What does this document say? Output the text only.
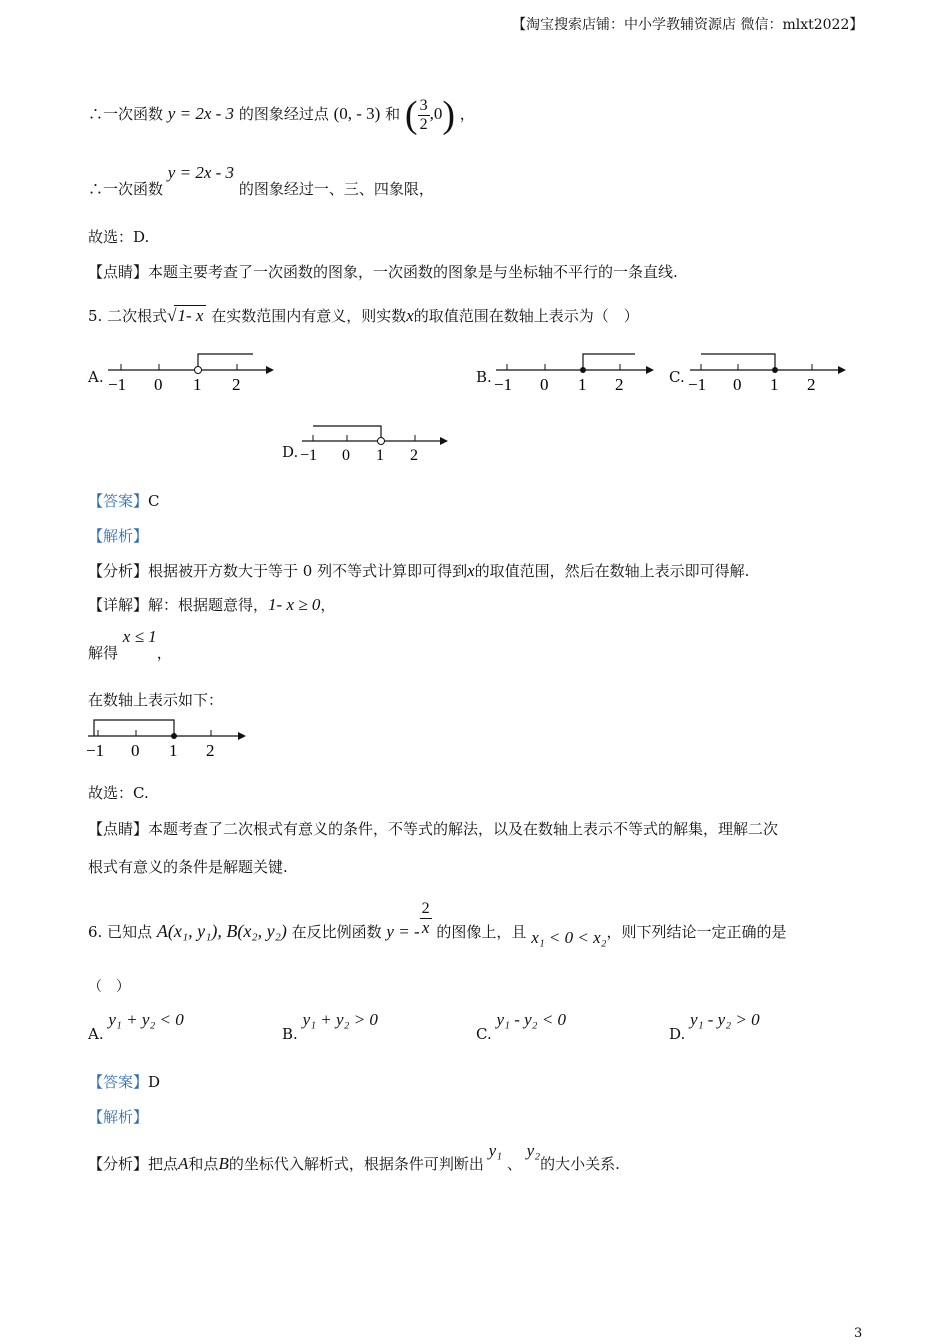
【淘宝搜索店铺：中小学教辅资源店 微信：mlxt2022】
∴一次函数 y = 2x - 3 的图象经过点 (0, - 3) 和 ( $\frac{3}{2} ,0$) ，
∴一次函数 y = 2x - 3 的图象经过一、三、四象限，
故选：D.
【点睛】本题主要考查了一次函数的图象，一次函数的图象是与坐标轴不平行的一条直线.
5. 二次根式√1- x 在实数范围内有意义，则实数x的取值范围在数轴上表示为（　）
A. −1 0 1 2	B. −1 0 1 2	C. −1 0 1 2
D. −1 0 1 2
【答案】C
【解析】
【分析】根据被开方数大于等于 0 列不等式计算即可得到x的取值范围，然后在数轴上表示即可得解.
【详解】解：根据题意得，1- x ≥ 0，
解得 x ≤ 1，
在数轴上表示如下：
−1 0 1 2
故选：C.
【点睛】本题考查了二次根式有意义的条件，不等式的解法，以及在数轴上表示不等式的解集，理解二次
根式有意义的条件是解题关键.
6. 已知点 A(x₁, y₁), B(x₂, y₂) 在反比例函数 y = - $\frac{2}{x}$ 的图像上，且 x₁ < 0 < x₂，则下列结论一定正确的是
（　）
A. y₁ + y₂ < 0
B. y₁ + y₂ > 0
C. y₁ - y₂ < 0
D. y₁ - y₂ > 0
【答案】D
【解析】
【分析】把点A和点B的坐标代入解析式，根据条件可判断出 y₁ 、 y₂的大小关系.
3
